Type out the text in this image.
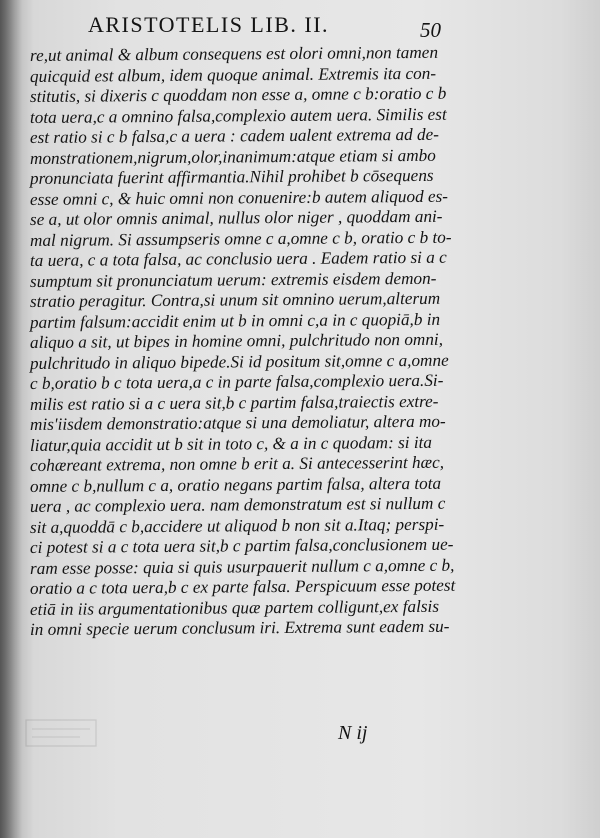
ARISTOTELIS LIB. II.	50
re,ut animal & album consequens est olori omni,non tamen
quicquid est album, idem quoque animal. Extremis ita con-
stitutis, si dixeris c quoddam non esse a, omne c b:oratio c b
tota uera,c a omnino falsa,complexio autem uera. Similis est
est ratio si c b falsa,c a uera : cadem ualent extrema ad de-
monstrationem,nigrum,olor,inanimum:atque etiam si ambo
pronunciata fuerint affirmantia.Nihil prohibet b cōsequens
esse omni c, & huic omni non conuenire:b autem aliquod es-
se a, ut olor omnis animal, nullus olor niger , quoddam ani-
mal nigrum. Si assumpseris omne c a,omne c b, oratio c b to-
ta uera, c a tota falsa, ac conclusio uera . Eadem ratio si a c
sumptum sit pronunciatum uerum: extremis eisdem demon-
stratio peragitur. Contra,si unum sit omnino uerum,alterum
partim falsum:accidit enim ut b in omni c,a in c quopiā,b in
aliquo a sit, ut bipes in homine omni, pulchritudo non omni,
pulchritudo in aliquo bipede.Si id positum sit,omne c a,omne
c b,oratio b c tota uera,a c in parte falsa,complexio uera.Si-
milis est ratio si a c uera sit,b c partim falsa,traiectis extre-
mis'iisdem demonstratio:atque si una demoliatur, altera mo-
liatur,quia accidit ut b sit in toto c, & a in c quodam: si ita
cohæreant extrema, non omne b erit a. Si antecesserint hæc,
omne c b,nullum c a, oratio negans partim falsa, altera tota
uera , ac complexio uera. nam demonstratum est si nullum c
sit a,quoddā c b,accidere ut aliquod b non sit a.Itaq; perspi-
ci potest si a c tota uera sit,b c partim falsa,conclusionem ue-
ram esse posse: quia si quis usurpauerit nullum c a,omne c b,
oratio a c tota uera,b c ex parte falsa. Perspicuum esse potest
etiā in iis argumentationibus quæ partem colligunt,ex falsis
in omni specie uerum conclusum iri. Extrema sunt eadem su-
N ij
